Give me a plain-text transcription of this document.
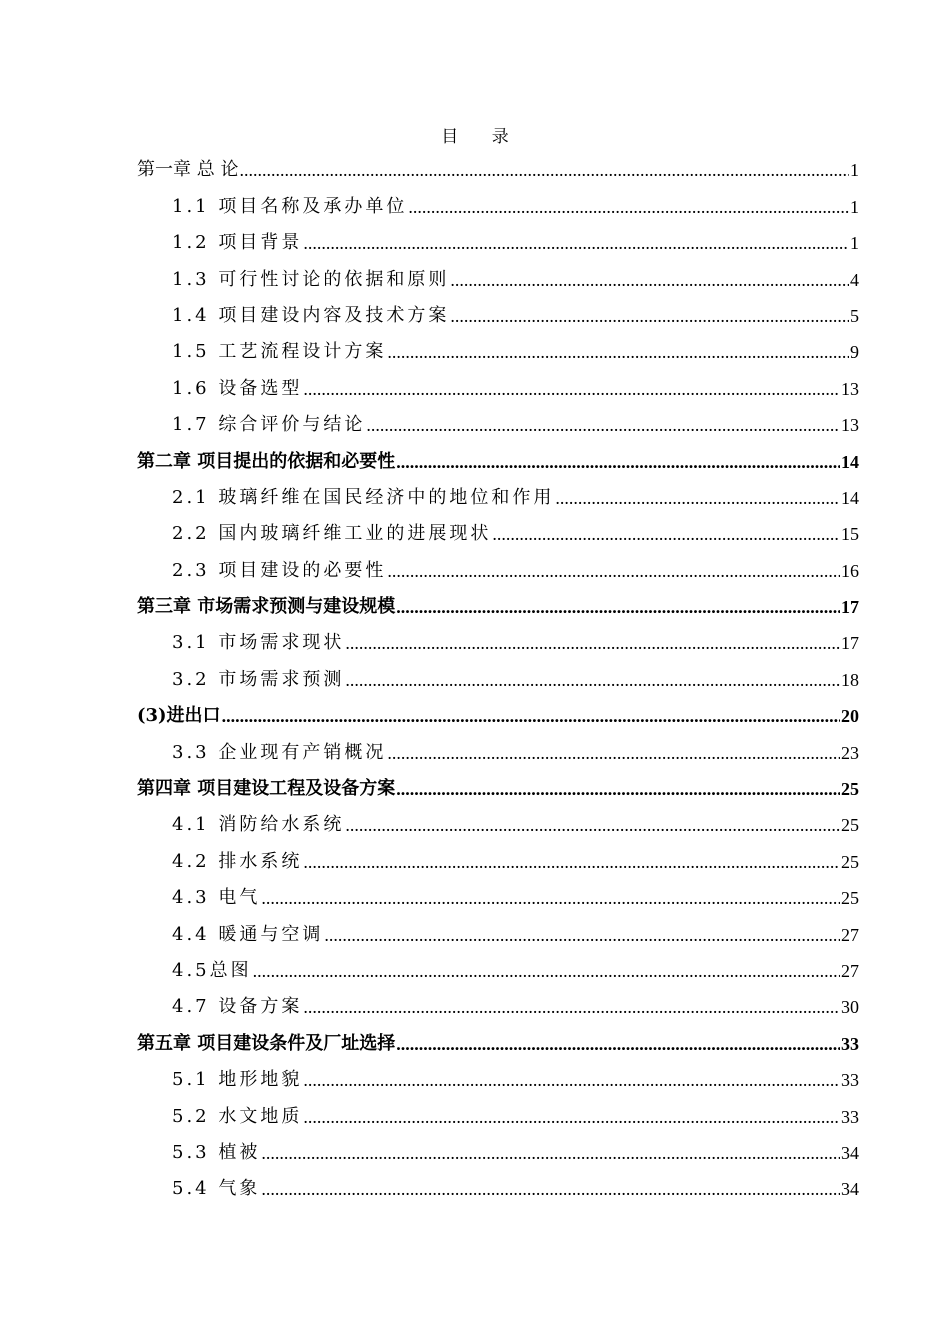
目 录
第一章 总 论 .....	1
1.1 项目名称及承办单位 .....	1
1.2 项目背景 .....	1
1.3 可行性讨论的依据和原则 .....	4
1.4 项目建设内容及技术方案 .....	5
1.5 工艺流程设计方案 .....	9
1.6 设备选型 .....	13
1.7 综合评价与结论 .....	13
第二章 项目提出的依据和必要性 .....	14
2.1 玻璃纤维在国民经济中的地位和作用 .....	14
2.2 国内玻璃纤维工业的进展现状 .....	15
2.3 项目建设的必要性 .....	16
第三章 市场需求预测与建设规模 .....	17
3.1 市场需求现状 .....	17
3.2 市场需求预测 .....	18
(3)进出口 .....	20
3.3 企业现有产销概况 .....	23
第四章 项目建设工程及设备方案 .....	25
4.1 消防给水系统 .....	25
4.2 排水系统 .....	25
4.3 电气 .....	25
4.4 暖通与空调 .....	27
4.5总图 .....	27
4.7 设备方案 .....	30
第五章 项目建设条件及厂址选择 .....	33
5.1 地形地貌 .....	33
5.2 水文地质 .....	33
5.3 植被 .....	34
5.4 气象 .....	34
